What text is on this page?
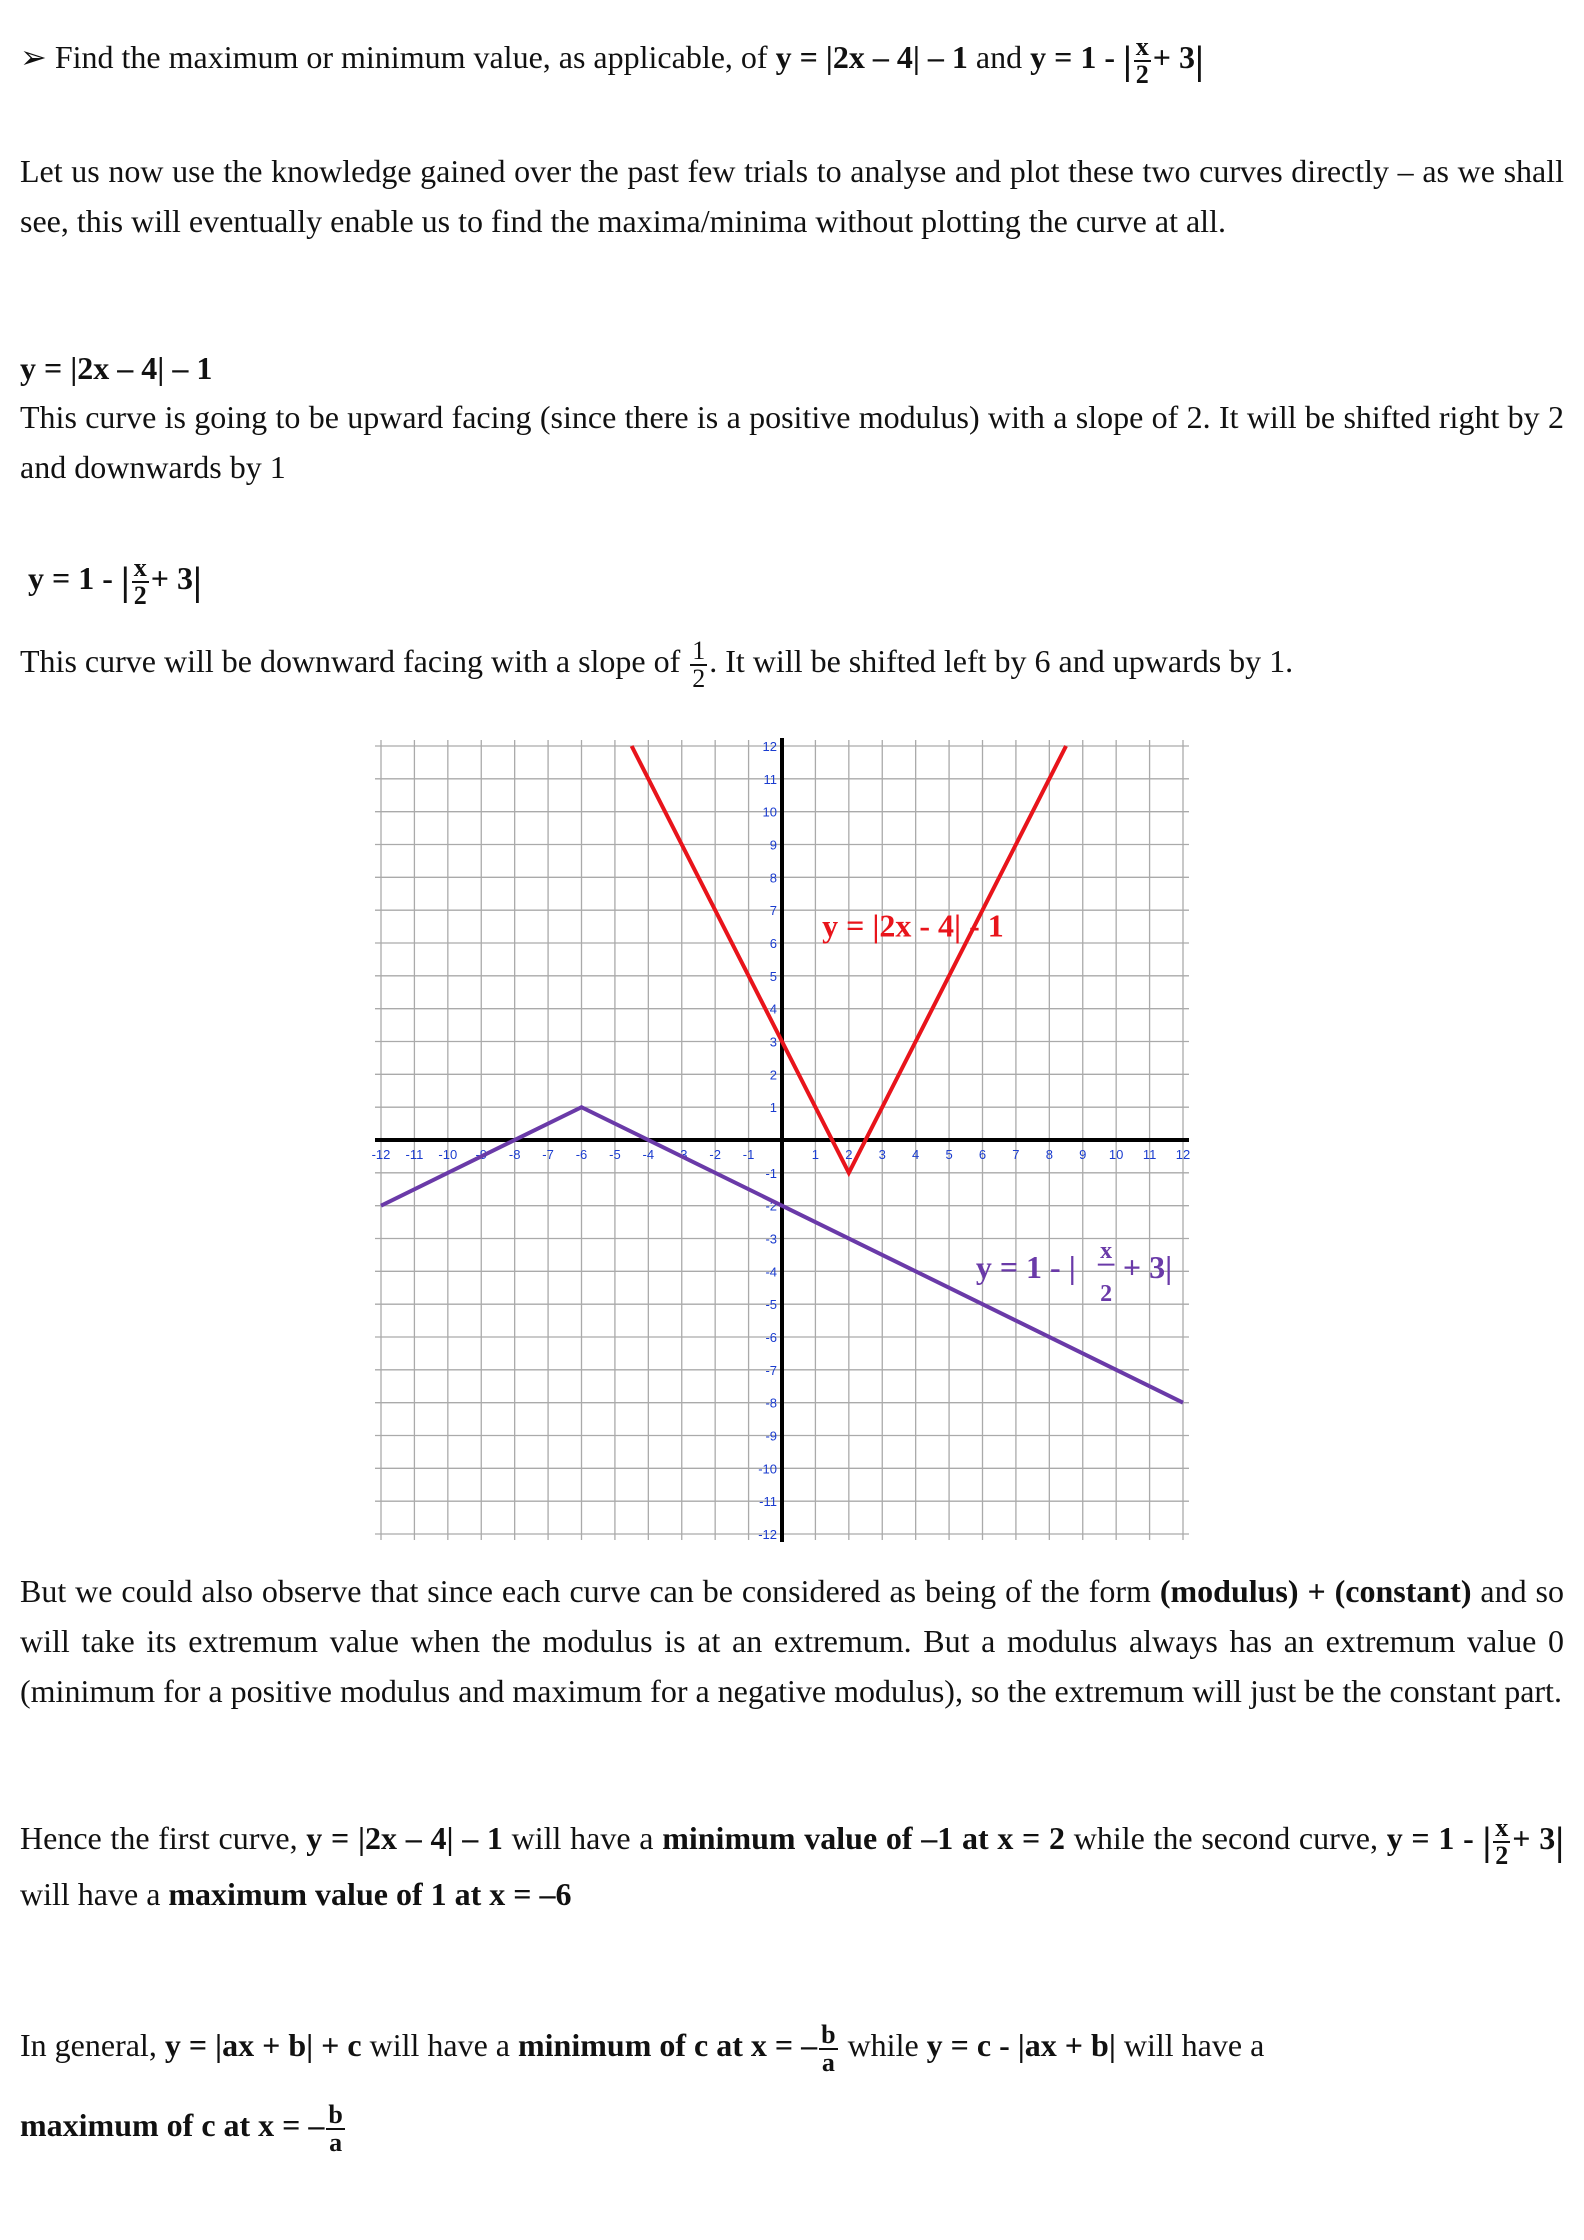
➢ Find the maximum or minimum value, as applicable, of y = |2x – 4| – 1 and y = 1 - | $\frac{x}{2} + 3|$
Let us now use the knowledge gained over the past few trials to analyse and plot these two curves directly – as we shall see, this will eventually enable us to find the maxima/minima without plotting the curve at all.
y = |2x – 4| – 1
This curve is going to be upward facing (since there is a positive modulus) with a slope of 2. It will be shifted right by 2 and downwards by 1
y = 1 - | $\frac{x}{2} + 3|$
This curve will be downward facing with a slope of $\frac{1}{2}$ . It will be shifted left by 6 and upwards by 1.
-12 -11 -10 -9 -8 -7 -6 -5 -4 -3 -2 -1	1 2 3 4 5 6 7 8 9 10 11 12
-12
-11
-10
-9
-8
-7
-6
-5
-4
-3
-2
-1
1
2
3
4
5
6
7
8
9
10
11
12
y = |2x - 4| - 1
y = 1 - | x
2
+ 3|
But we could also observe that since each curve can be considered as being of the form (modulus) + (constant) and so will take its extremum value when the modulus is at an extremum. But a modulus always has an extremum value 0 (minimum for a positive modulus and maximum for a negative modulus), so the extremum will just be the constant part.
Hence the first curve, y = |2x – 4| – 1 will have a minimum value of –1 at x = 2 while the second curve, y = 1 - | $\frac{x}{2} + 3|$ will have a maximum value of 1 at x = –6
In general, y = |ax + b| + c will have a minimum of c at x = – $\frac{b}{a}$ while y = c - |ax + b| will have a
maximum of c at x = – $\frac{b}{a}$
